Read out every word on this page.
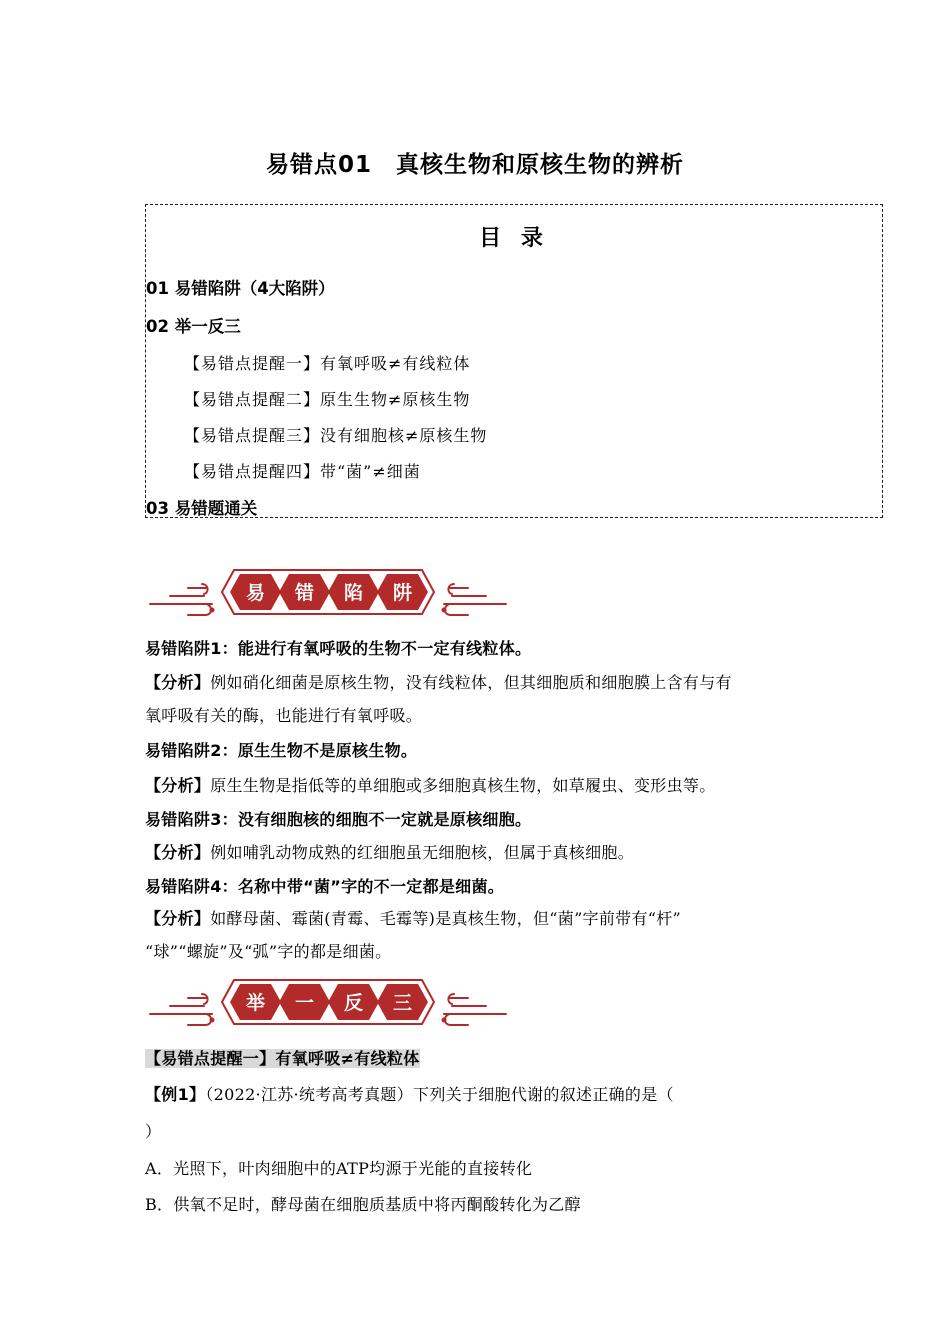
易错点01　真核生物和原核生物的辨析
目 录
01 易错陷阱（4大陷阱）
02 举一反三
【易错点提醒一】有氧呼吸≠有线粒体
【易错点提醒二】原生生物≠原核生物
【易错点提醒三】没有细胞核≠原核生物
【易错点提醒四】带“菌”≠细菌
03 易错题通关
易 错 陷 阱
易错陷阱1：能进行有氧呼吸的生物不一定有线粒体。
【分析】例如硝化细菌是原核生物，没有线粒体，但其细胞质和细胞膜上含有与有
氧呼吸有关的酶，也能进行有氧呼吸。
易错陷阱2：原生生物不是原核生物。
【分析】原生生物是指低等的单细胞或多细胞真核生物，如草履虫、变形虫等。
易错陷阱3：没有细胞核的细胞不一定就是原核细胞。
【分析】例如哺乳动物成熟的红细胞虽无细胞核，但属于真核细胞。
易错陷阱4：名称中带“菌”字的不一定都是细菌。
【分析】如酵母菌、霉菌(青霉、毛霉等)是真核生物，但“菌”字前带有“杆”
“球”“螺旋”及“弧”字的都是细菌。
举 一 反 三
【易错点提醒一】有氧呼吸≠有线粒体
【例1】（2022·江苏·统考高考真题）下列关于细胞代谢的叙述正确的是（
）
A．光照下，叶肉细胞中的ATP均源于光能的直接转化
B．供氧不足时，酵母菌在细胞质基质中将丙酮酸转化为乙醇
